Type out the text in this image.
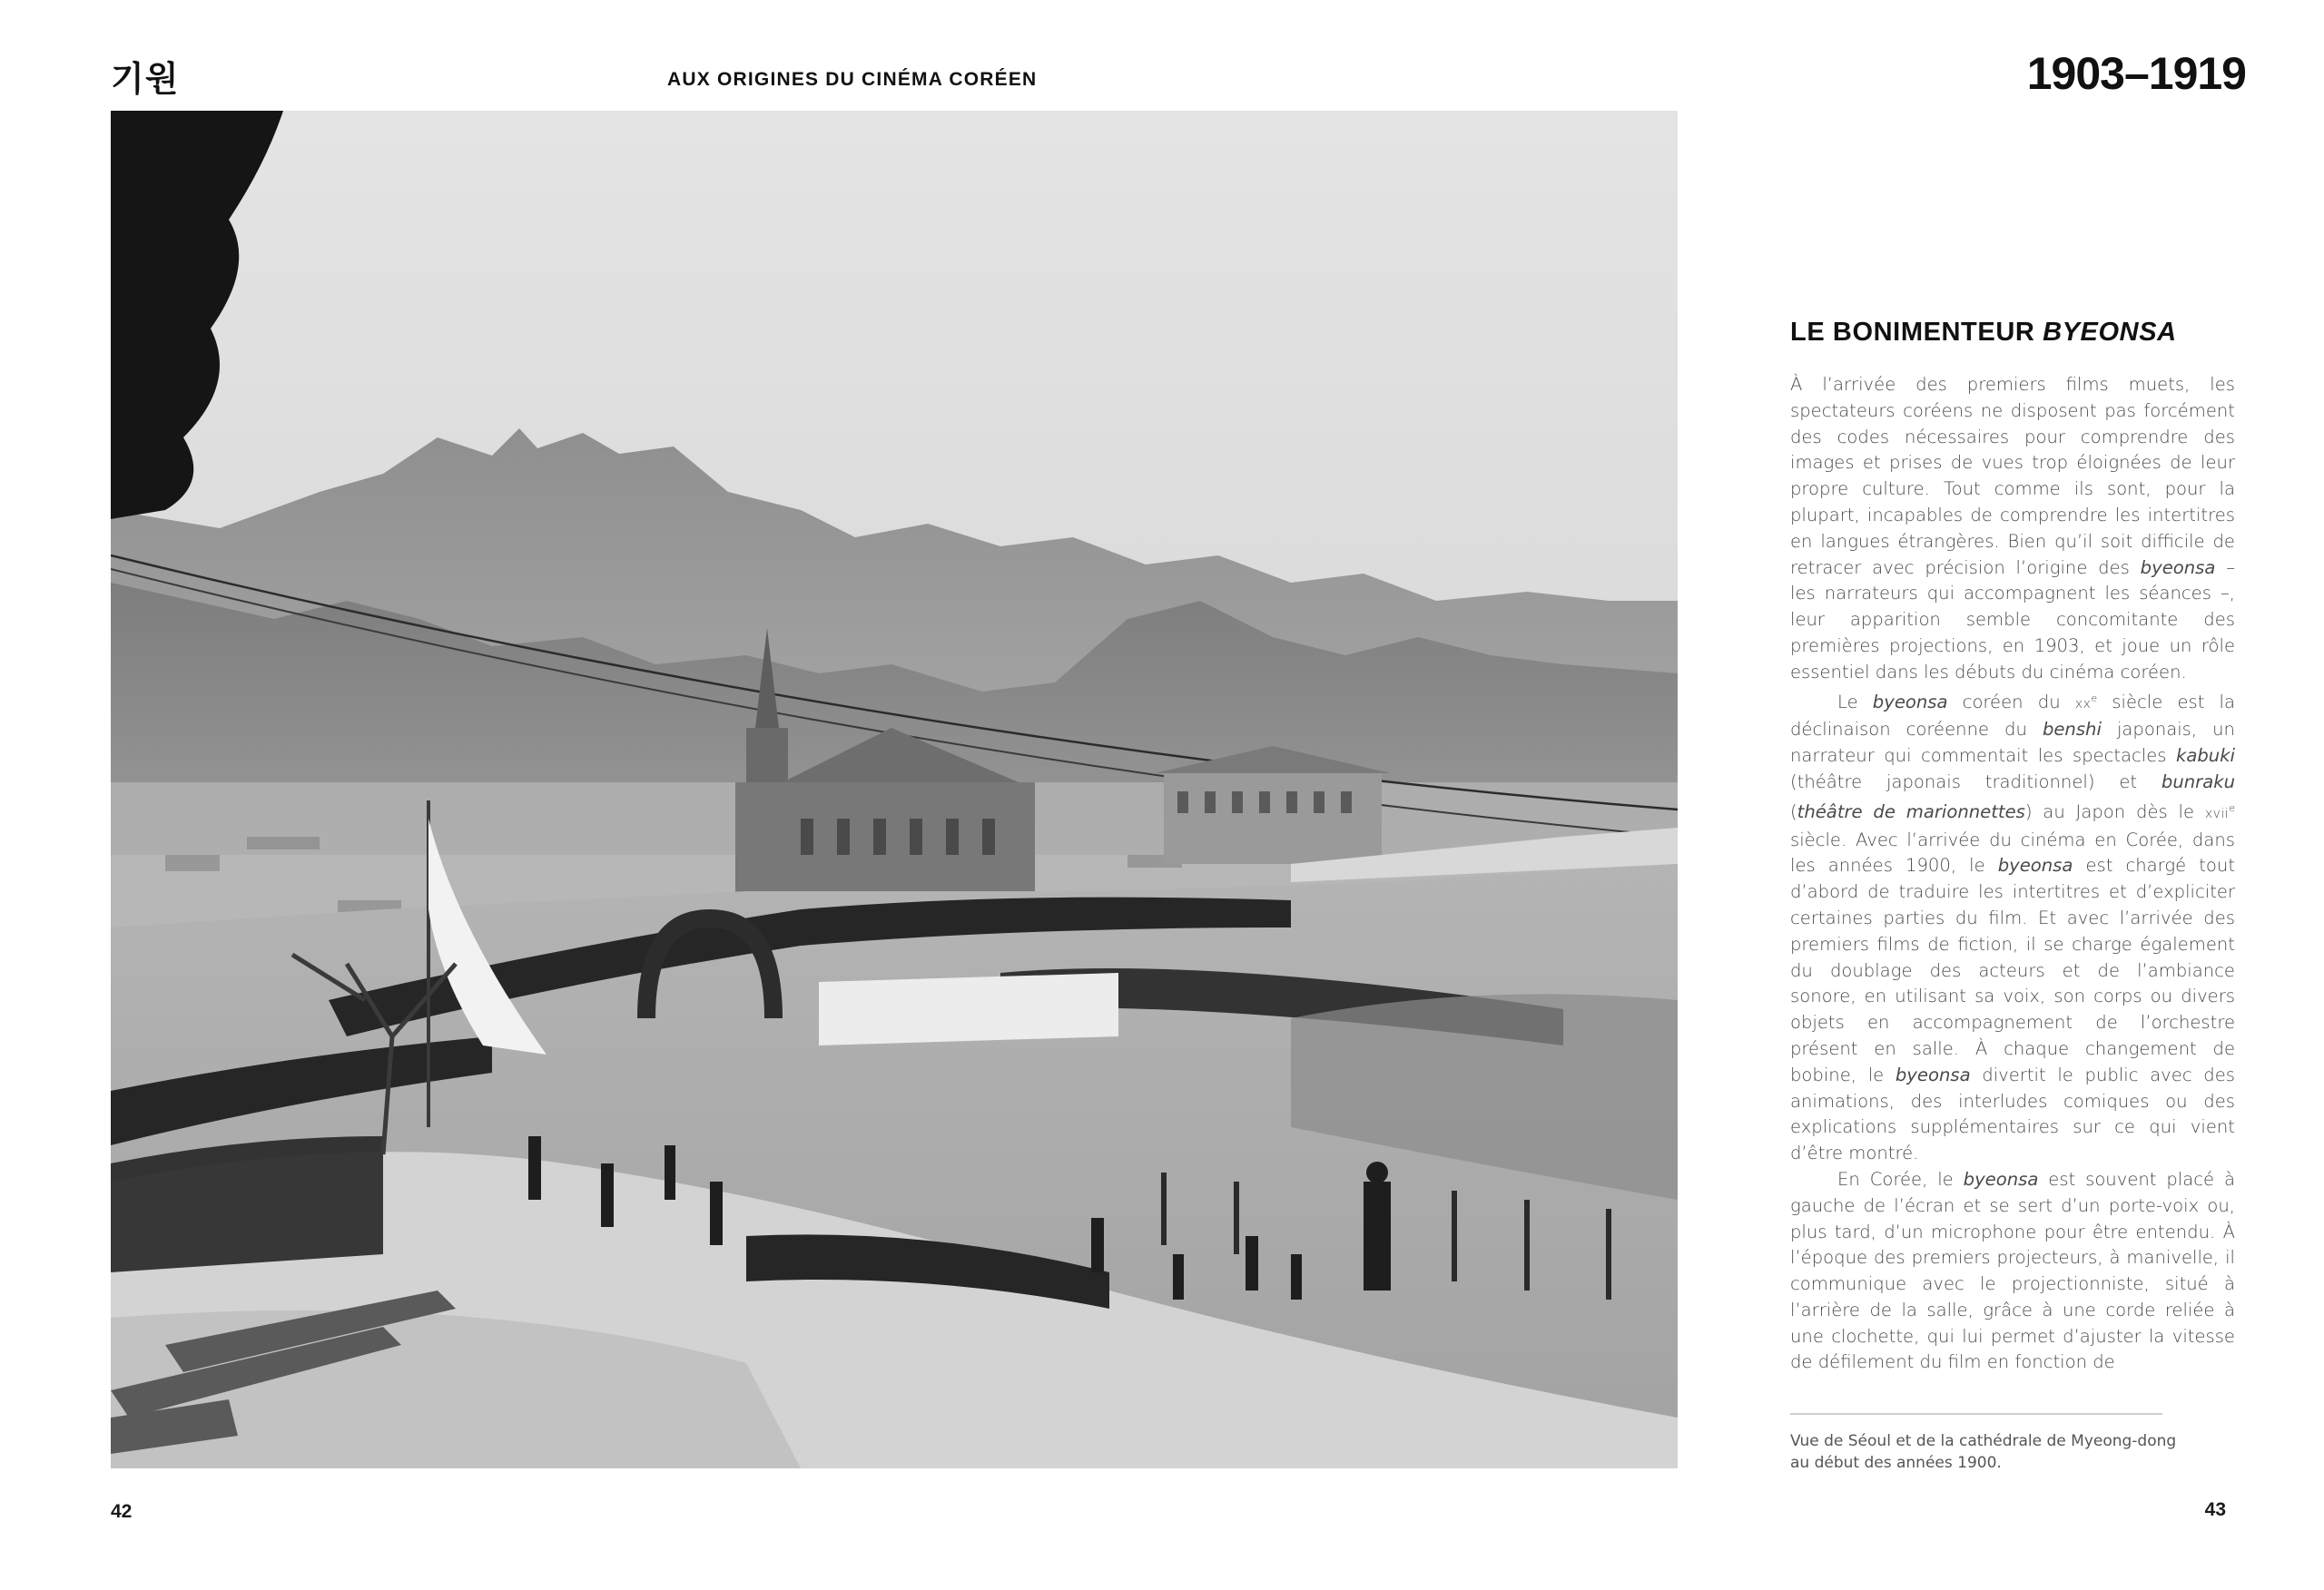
기원	AUX ORIGINES DU CINÉMA CORÉEN	1903–1919
42	43
LE BONIMENTEUR BYEONSA

À l’arrivée des premiers films muets, les spectateurs coréens ne disposent pas forcément des codes nécessaires pour comprendre des images et prises de vues trop éloignées de leur propre culture. Tout comme ils sont, pour la plupart, incapables de comprendre les intertitres en langues étrangères. Bien qu’il soit difficile de retracer avec précision l’origine des byeonsa – les narrateurs qui accompagnent les séances –, leur apparition semble concomitante des premières projections, en 1903, et joue un rôle essentiel dans les débuts du cinéma coréen.

Le byeonsa coréen du $xx^e$ siècle est la déclinaison coréenne du benshi japonais, un narrateur qui commentait les spectacles kabuki (théâtre japonais traditionnel) et bunraku (théâtre de marionnettes) au Japon dès le xvii$^e$ siècle. Avec l’arrivée du cinéma en Corée, dans les années 1900, le byeonsa est chargé tout d’abord de traduire les intertitres et d’expliciter certaines parties du film. Et avec l’arrivée des premiers films de fiction, il se charge également du doublage des acteurs et de l’ambiance sonore, en utilisant sa voix, son corps ou divers objets en accompagnement de l’orchestre présent en salle. À chaque changement de bobine, le byeonsa divertit le public avec des animations, des interludes comiques ou des explications supplémentaires sur ce qui vient d’être montré.

En Corée, le byeonsa est souvent placé à gauche de l’écran et se sert d’un porte-voix ou, plus tard, d’un microphone pour être entendu. À l’époque des premiers projecteurs, à manivelle, il communique avec le projectionniste, situé à l’arrière de la salle, grâce à une corde reliée à une clochette, qui lui permet d’ajuster la vitesse de défilement du film en fonction de

Vue de Séoul et de la cathédrale de Myeong-dong
au début des années 1900.
